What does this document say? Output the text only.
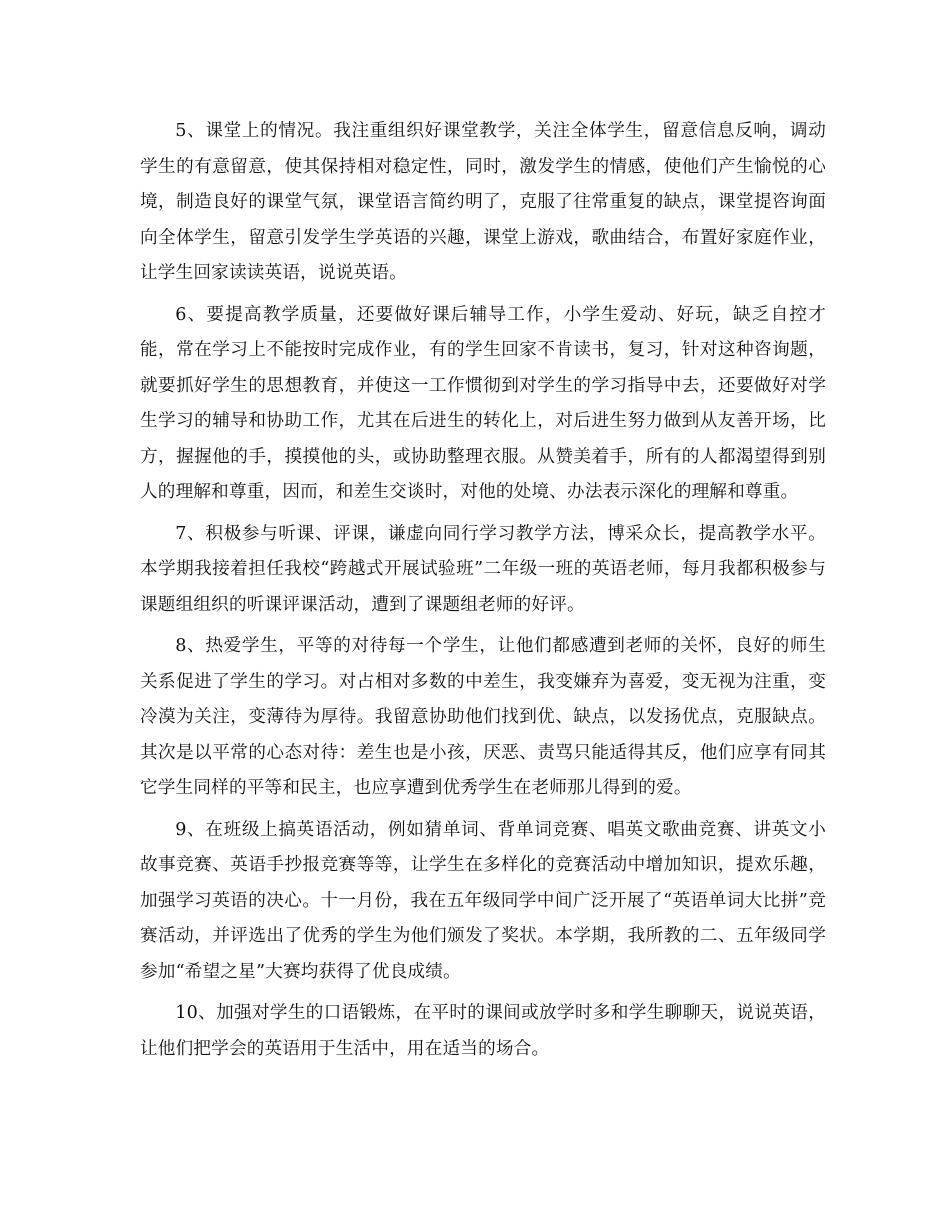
5、课堂上的情况。我注重组织好课堂教学，关注全体学生，留意信息反响，调动学生的有意留意，使其保持相对稳定性，同时，激发学生的情感，使他们产生愉悦的心境，制造良好的课堂气氛，课堂语言简约明了，克服了往常重复的缺点，课堂提咨询面向全体学生，留意引发学生学英语的兴趣，课堂上游戏，歌曲结合，布置好家庭作业，让学生回家读读英语，说说英语。

6、要提高教学质量，还要做好课后辅导工作，小学生爱动、好玩，缺乏自控才能，常在学习上不能按时完成作业，有的学生回家不肯读书，复习，针对这种咨询题，就要抓好学生的思想教育，并使这一工作惯彻到对学生的学习指导中去，还要做好对学生学习的辅导和协助工作，尤其在后进生的转化上，对后进生努力做到从友善开场，比方，握握他的手，摸摸他的头，或协助整理衣服。从赞美着手，所有的人都渴望得到别人的理解和尊重，因而，和差生交谈时，对他的处境、办法表示深化的理解和尊重。

7、积极参与听课、评课，谦虚向同行学习教学方法，博采众长，提高教学水平。本学期我接着担任我校“跨越式开展试验班”二年级一班的英语老师，每月我都积极参与课题组组织的听课评课活动，遭到了课题组老师的好评。

8、热爱学生，平等的对待每一个学生，让他们都感遭到老师的关怀，良好的师生关系促进了学生的学习。对占相对多数的中差生，我变嫌弃为喜爱，变无视为注重，变冷漠为关注，变薄待为厚待。我留意协助他们找到优、缺点，以发扬优点，克服缺点。其次是以平常的心态对待：差生也是小孩，厌恶、责骂只能适得其反，他们应享有同其它学生同样的平等和民主，也应享遭到优秀学生在老师那儿得到的爱。

9、在班级上搞英语活动，例如猜单词、背单词竞赛、唱英文歌曲竞赛、讲英文小故事竞赛、英语手抄报竞赛等等，让学生在多样化的竞赛活动中增加知识，提欢乐趣，加强学习英语的决心。十一月份，我在五年级同学中间广泛开展了“英语单词大比拼”竞赛活动，并评选出了优秀的学生为他们颁发了奖状。本学期，我所教的二、五年级同学参加“希望之星”大赛均获得了优良成绩。

10、加强对学生的口语锻炼，在平时的课间或放学时多和学生聊聊天，说说英语，让他们把学会的英语用于生活中，用在适当的场合。
